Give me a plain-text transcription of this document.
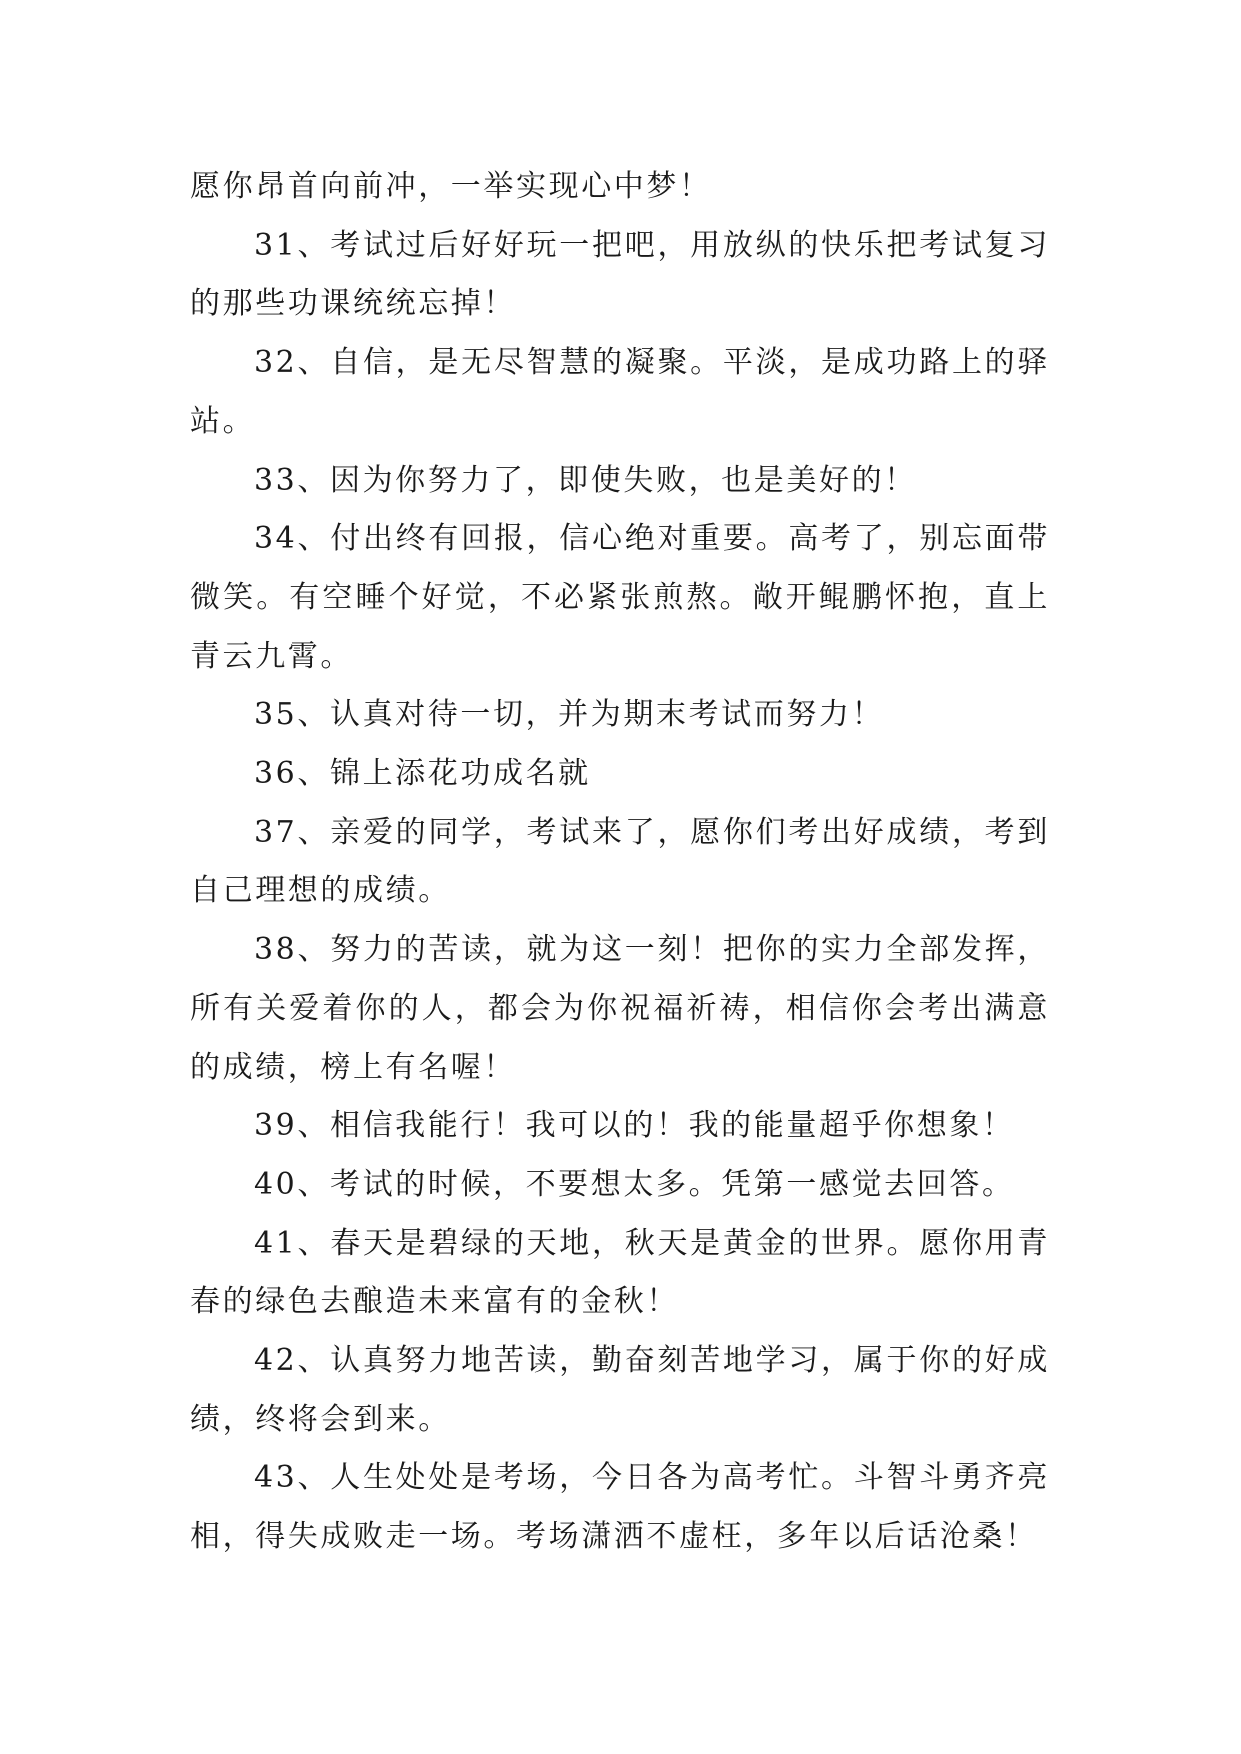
愿你昂首向前冲，一举实现心中梦！

31、考试过后好好玩一把吧，用放纵的快乐把考试复习的那些功课统统忘掉！

32、自信，是无尽智慧的凝聚。平淡，是成功路上的驿站。

33、因为你努力了，即使失败，也是美好的！

34、付出终有回报，信心绝对重要。高考了，别忘面带微笑。有空睡个好觉，不必紧张煎熬。敞开鲲鹏怀抱，直上青云九霄。

35、认真对待一切，并为期末考试而努力！

36、锦上添花功成名就

37、亲爱的同学，考试来了，愿你们考出好成绩，考到自己理想的成绩。

38、努力的苦读，就为这一刻！把你的实力全部发挥，所有关爱着你的人，都会为你祝福祈祷，相信你会考出满意的成绩，榜上有名喔！

39、相信我能行！我可以的！我的能量超乎你想象！

40、考试的时候，不要想太多。凭第一感觉去回答。

41、春天是碧绿的天地，秋天是黄金的世界。愿你用青春的绿色去酿造未来富有的金秋！

42、认真努力地苦读，勤奋刻苦地学习，属于你的好成绩，终将会到来。

43、人生处处是考场，今日各为高考忙。斗智斗勇齐亮相，得失成败走一场。考场潇洒不虚枉，多年以后话沧桑！
